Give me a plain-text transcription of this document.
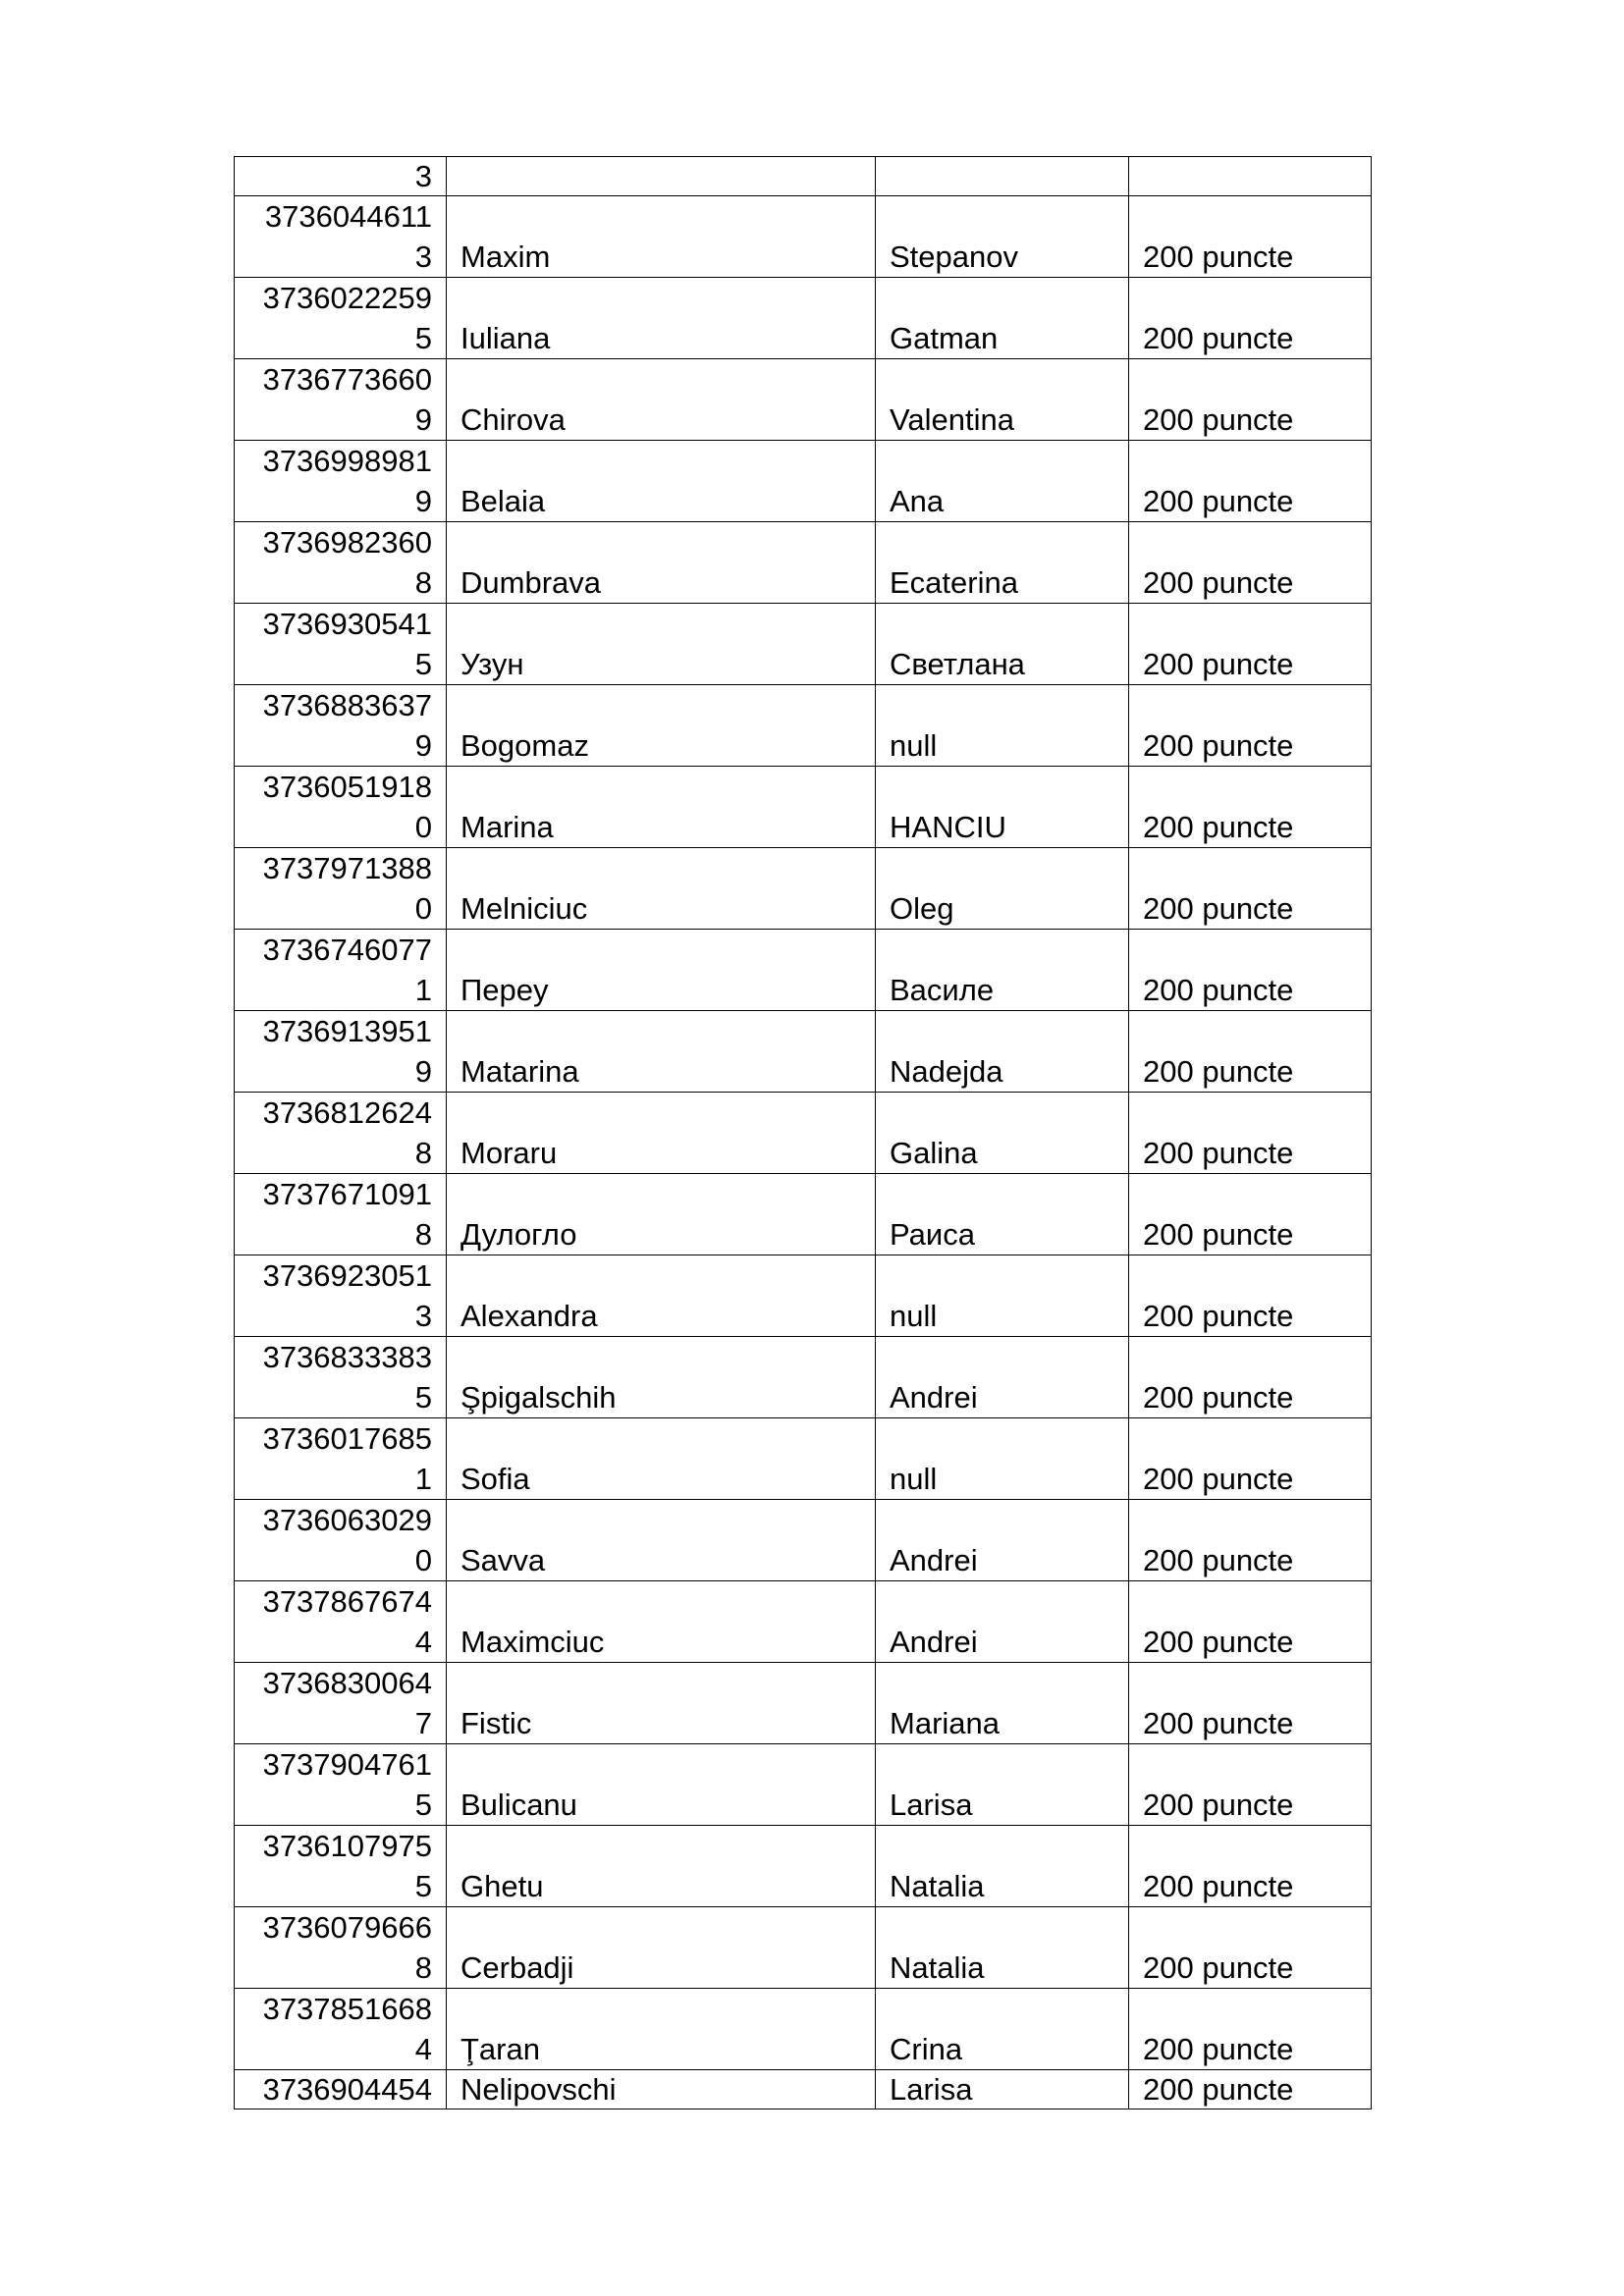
3			

3736044611
3	Maxim	Stepanov	200 puncte

3736022259
5	Iuliana	Gatman	200 puncte

3736773660
9	Chirova	Valentina	200 puncte

3736998981
9	Belaia	Ana	200 puncte

3736982360
8	Dumbrava	Ecaterina	200 puncte

3736930541
5	Узун	Светлана	200 puncte

3736883637
9	Bogomaz	null	200 puncte

3736051918
0	Marina	HANCIU	200 puncte

3737971388
0	Melniciuc	Oleg	200 puncte

3736746077
1	Перeу	Василе	200 puncte

3736913951
9	Matarina	Nadejda	200 puncte

3736812624
8	Moraru	Galina	200 puncte

3737671091
8	Дулогло	Раиса	200 puncte

3736923051
3	Alexandra	null	200 puncte

3736833383
5	Şpigalschih	Andrei	200 puncte

3736017685
1	Sofia	null	200 puncte

3736063029
0	Savva	Andrei	200 puncte

3737867674
4	Maximciuc	Andrei	200 puncte

3736830064
7	Fistic	Mariana	200 puncte

3737904761
5	Bulicanu	Larisa	200 puncte

3736107975
5	Ghetu	Natalia	200 puncte

3736079666
8	Cerbadji	Natalia	200 puncte

3737851668
4	Ţaran	Crina	200 puncte

3736904454	Nelipovschi	Larisa	200 puncte
